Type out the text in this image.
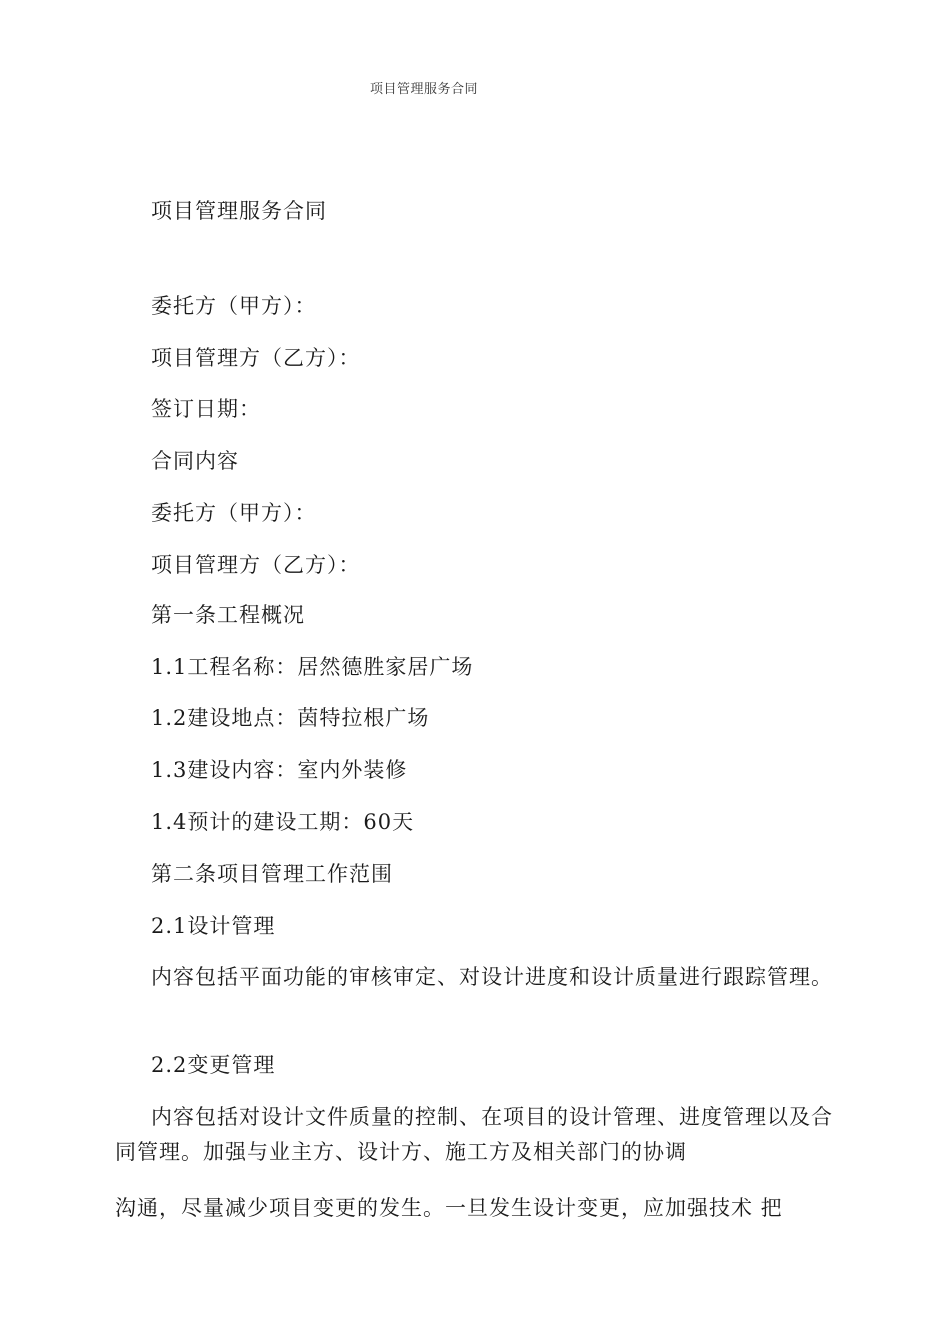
项目管理服务合同
项目管理服务合同
委托方（甲方）：
项目管理方（乙方）：
签订日期：
合同内容
委托方（甲方）：
项目管理方（乙方）：
第一条工程概况
1.1工程名称：居然德胜家居广场
1.2建设地点：茵特拉根广场
1.3建设内容：室内外装修
1.4预计的建设工期：60天
第二条项目管理工作范围
2.1设计管理
内容包括平面功能的审核审定、对设计进度和设计质量进行跟踪管理。
2.2变更管理
内容包括对设计文件质量的控制、在项目的设计管理、进度管理以及合同管理。加强与业主方、设计方、施工方及相关部门的协调
沟通，尽量减少项目变更的发生。一旦发生设计变更，应加强技术 把
